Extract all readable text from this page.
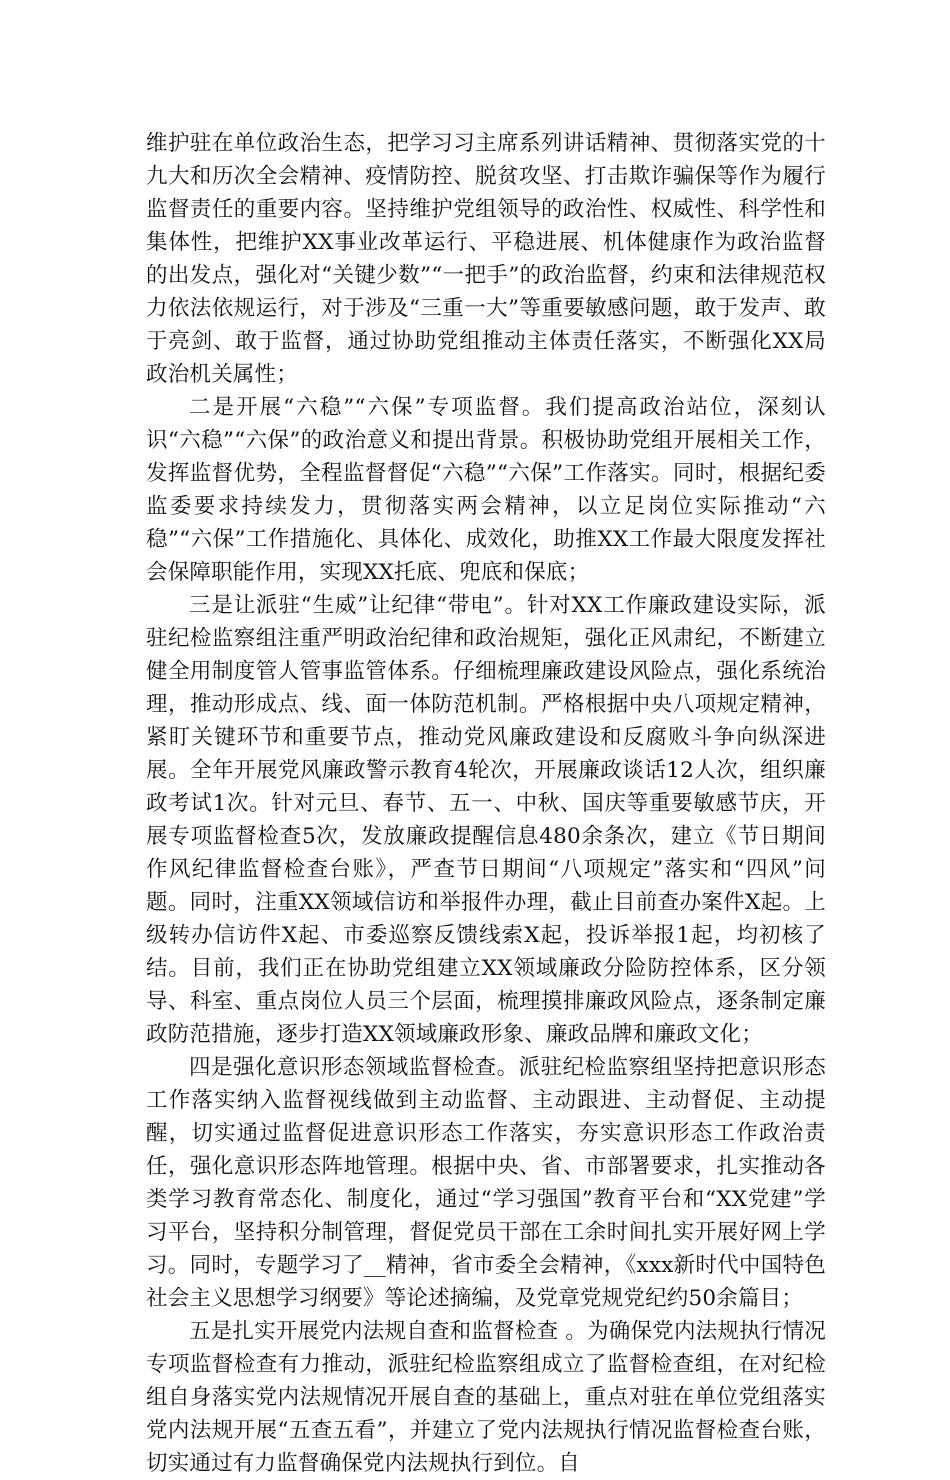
维护驻在单位政治生态，把学习习主席系列讲话精神、贯彻落实党的十九大和历次全会精神、疫情防控、脱贫攻坚、打击欺诈骗保等作为履行监督责任的重要内容。坚持维护党组领导的政治性、权威性、科学性和集体性，把维护XX事业改革运行、平稳进展、机体健康作为政治监督的出发点，强化对“关键少数”“一把手”的政治监督，约束和法律规范权力依法依规运行，对于涉及“三重一大”等重要敏感问题，敢于发声、敢于亮剑、敢于监督，通过协助党组推动主体责任落实，不断强化XX局政治机关属性；

二是开展“六稳”“六保”专项监督。我们提高政治站位，深刻认识“六稳”“六保”的政治意义和提出背景。积极协助党组开展相关工作，发挥监督优势，全程监督督促“六稳”“六保”工作落实。同时，根据纪委监委要求持续发力，贯彻落实两会精神，以立足岗位实际推动“六稳”“六保”工作措施化、具体化、成效化，助推XX工作最大限度发挥社会保障职能作用，实现XX托底、兜底和保底；

三是让派驻“生威”让纪律“带电”。针对XX工作廉政建设实际，派驻纪检监察组注重严明政治纪律和政治规矩，强化正风肃纪，不断建立健全用制度管人管事监管体系。仔细梳理廉政建设风险点，强化系统治理，推动形成点、线、面一体防范机制。严格根据中央八项规定精神，紧盯关键环节和重要节点，推动党风廉政建设和反腐败斗争向纵深进展。全年开展党风廉政警示教育4轮次，开展廉政谈话12人次，组织廉政考试1次。针对元旦、春节、五一、中秋、国庆等重要敏感节庆，开展专项监督检查5次，发放廉政提醒信息480余条次，建立《节日期间作风纪律监督检查台账》，严查节日期间“八项规定”落实和“四风”问题。同时，注重XX领域信访和举报件办理，截止目前查办案件X起。上级转办信访件X起、市委巡察反馈线索X起，投诉举报1起，均初核了结。目前，我们正在协助党组建立XX领域廉政分险防控体系，区分领导、科室、重点岗位人员三个层面，梳理摸排廉政风险点，逐条制定廉政防范措施，逐步打造XX领域廉政形象、廉政品牌和廉政文化；

四是强化意识形态领域监督检查。派驻纪检监察组坚持把意识形态工作落实纳入监督视线做到主动监督、主动跟进、主动督促、主动提醒，切实通过监督促进意识形态工作落实，夯实意识形态工作政治责任，强化意识形态阵地管理。根据中央、省、市部署要求，扎实推动各类学习教育常态化、制度化，通过“学习强国”教育平台和“XX党建”学习平台，坚持积分制管理，督促党员干部在工余时间扎实开展好网上学习。同时，专题学习了__精神，省市委全会精神，《xxx新时代中国特色社会主义思想学习纲要》等论述摘编，及党章党规党纪约50余篇目；

五是扎实开展党内法规自查和监督检查 。为确保党内法规执行情况专项监督检查有力推动，派驻纪检监察组成立了监督检查组，在对纪检组自身落实党内法规情况开展自查的基础上，重点对驻在单位党组落实党内法规开展“五查五看”，并建立了党内法规执行情况监督检查台账，切实通过有力监督确保党内法规执行到位。自
